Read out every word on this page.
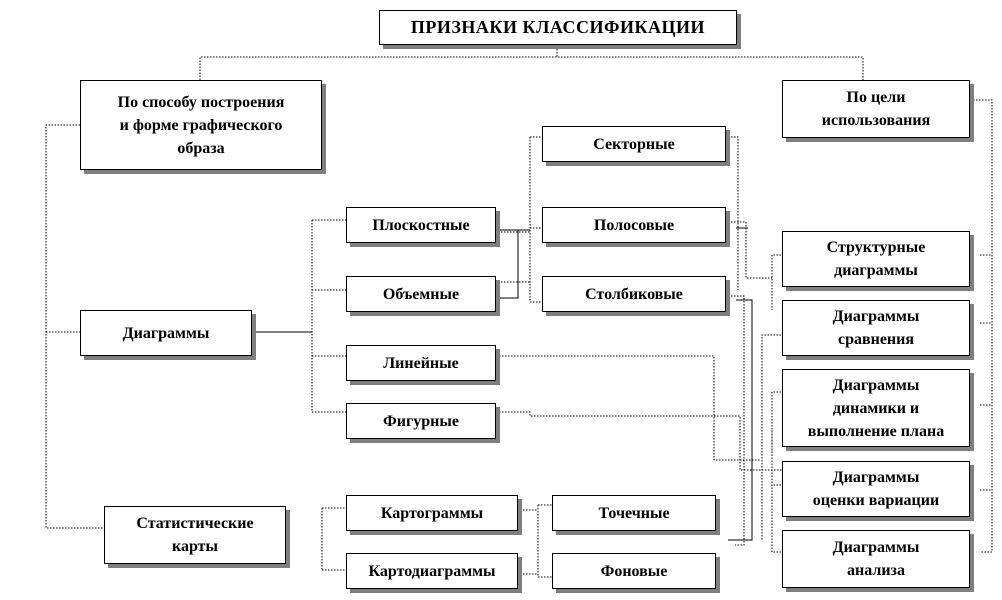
ПРИЗНАКИ КЛАССИФИКАЦИИ
По способу построения
и форме графического
образа
По цели
использования
Диаграммы
Статистические
карты
Плоскостные
Объемные
Линейные
Фигурные
Секторные
Полосовые
Столбиковые
Картограммы
Картодиаграммы
Точечные
Фоновые
Структурные
диаграммы
Диаграммы
сравнения
Диаграммы
динамики и
выполнение плана
Диаграммы
оценки вариации
Диаграммы
анализа
